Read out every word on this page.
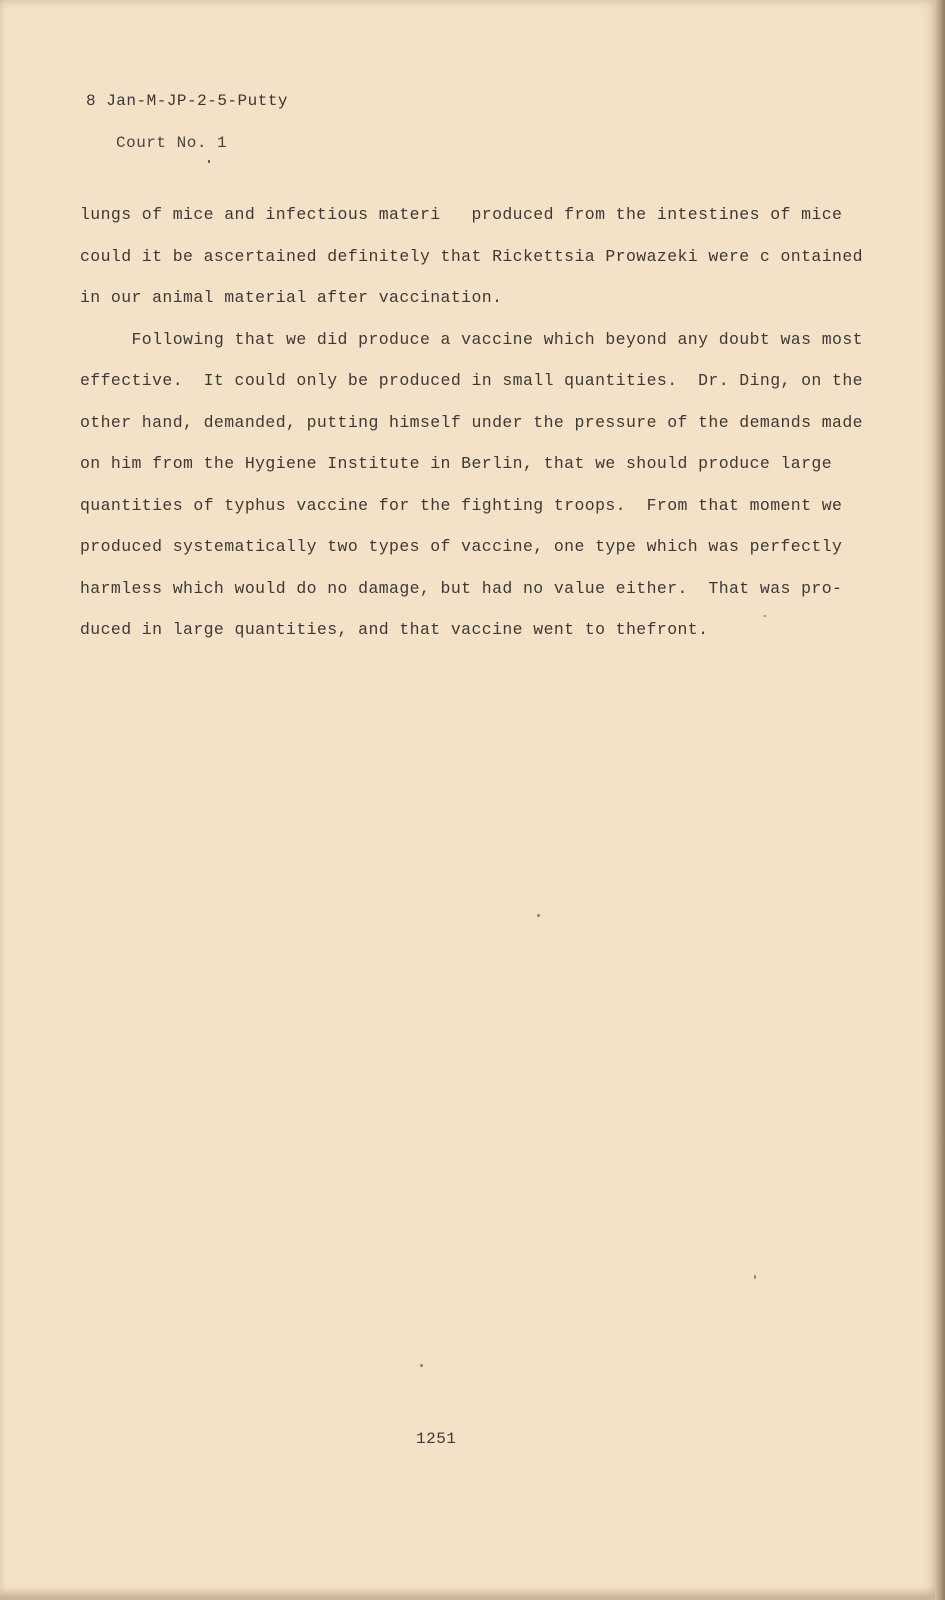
8 Jan-M-JP-2-5-Putty
Court No. 1
lungs of mice and infectious materi   produced from the intestines of mice
could it be ascertained definitely that Rickettsia Prowazeki were c ontained
in our animal material after vaccination.
Following that we did produce a vaccine which beyond any doubt was most
effective.  It could only be produced in small quantities.  Dr. Ding, on the
other hand, demanded, putting himself under the pressure of the demands made
on him from the Hygiene Institute in Berlin, that we should produce large
quantities of typhus vaccine for the fighting troops.  From that moment we
produced systematically two types of vaccine, one type which was perfectly
harmless which would do no damage, but had no value either.  That was pro-
duced in large quantities, and that vaccine went to thefront.
1251
